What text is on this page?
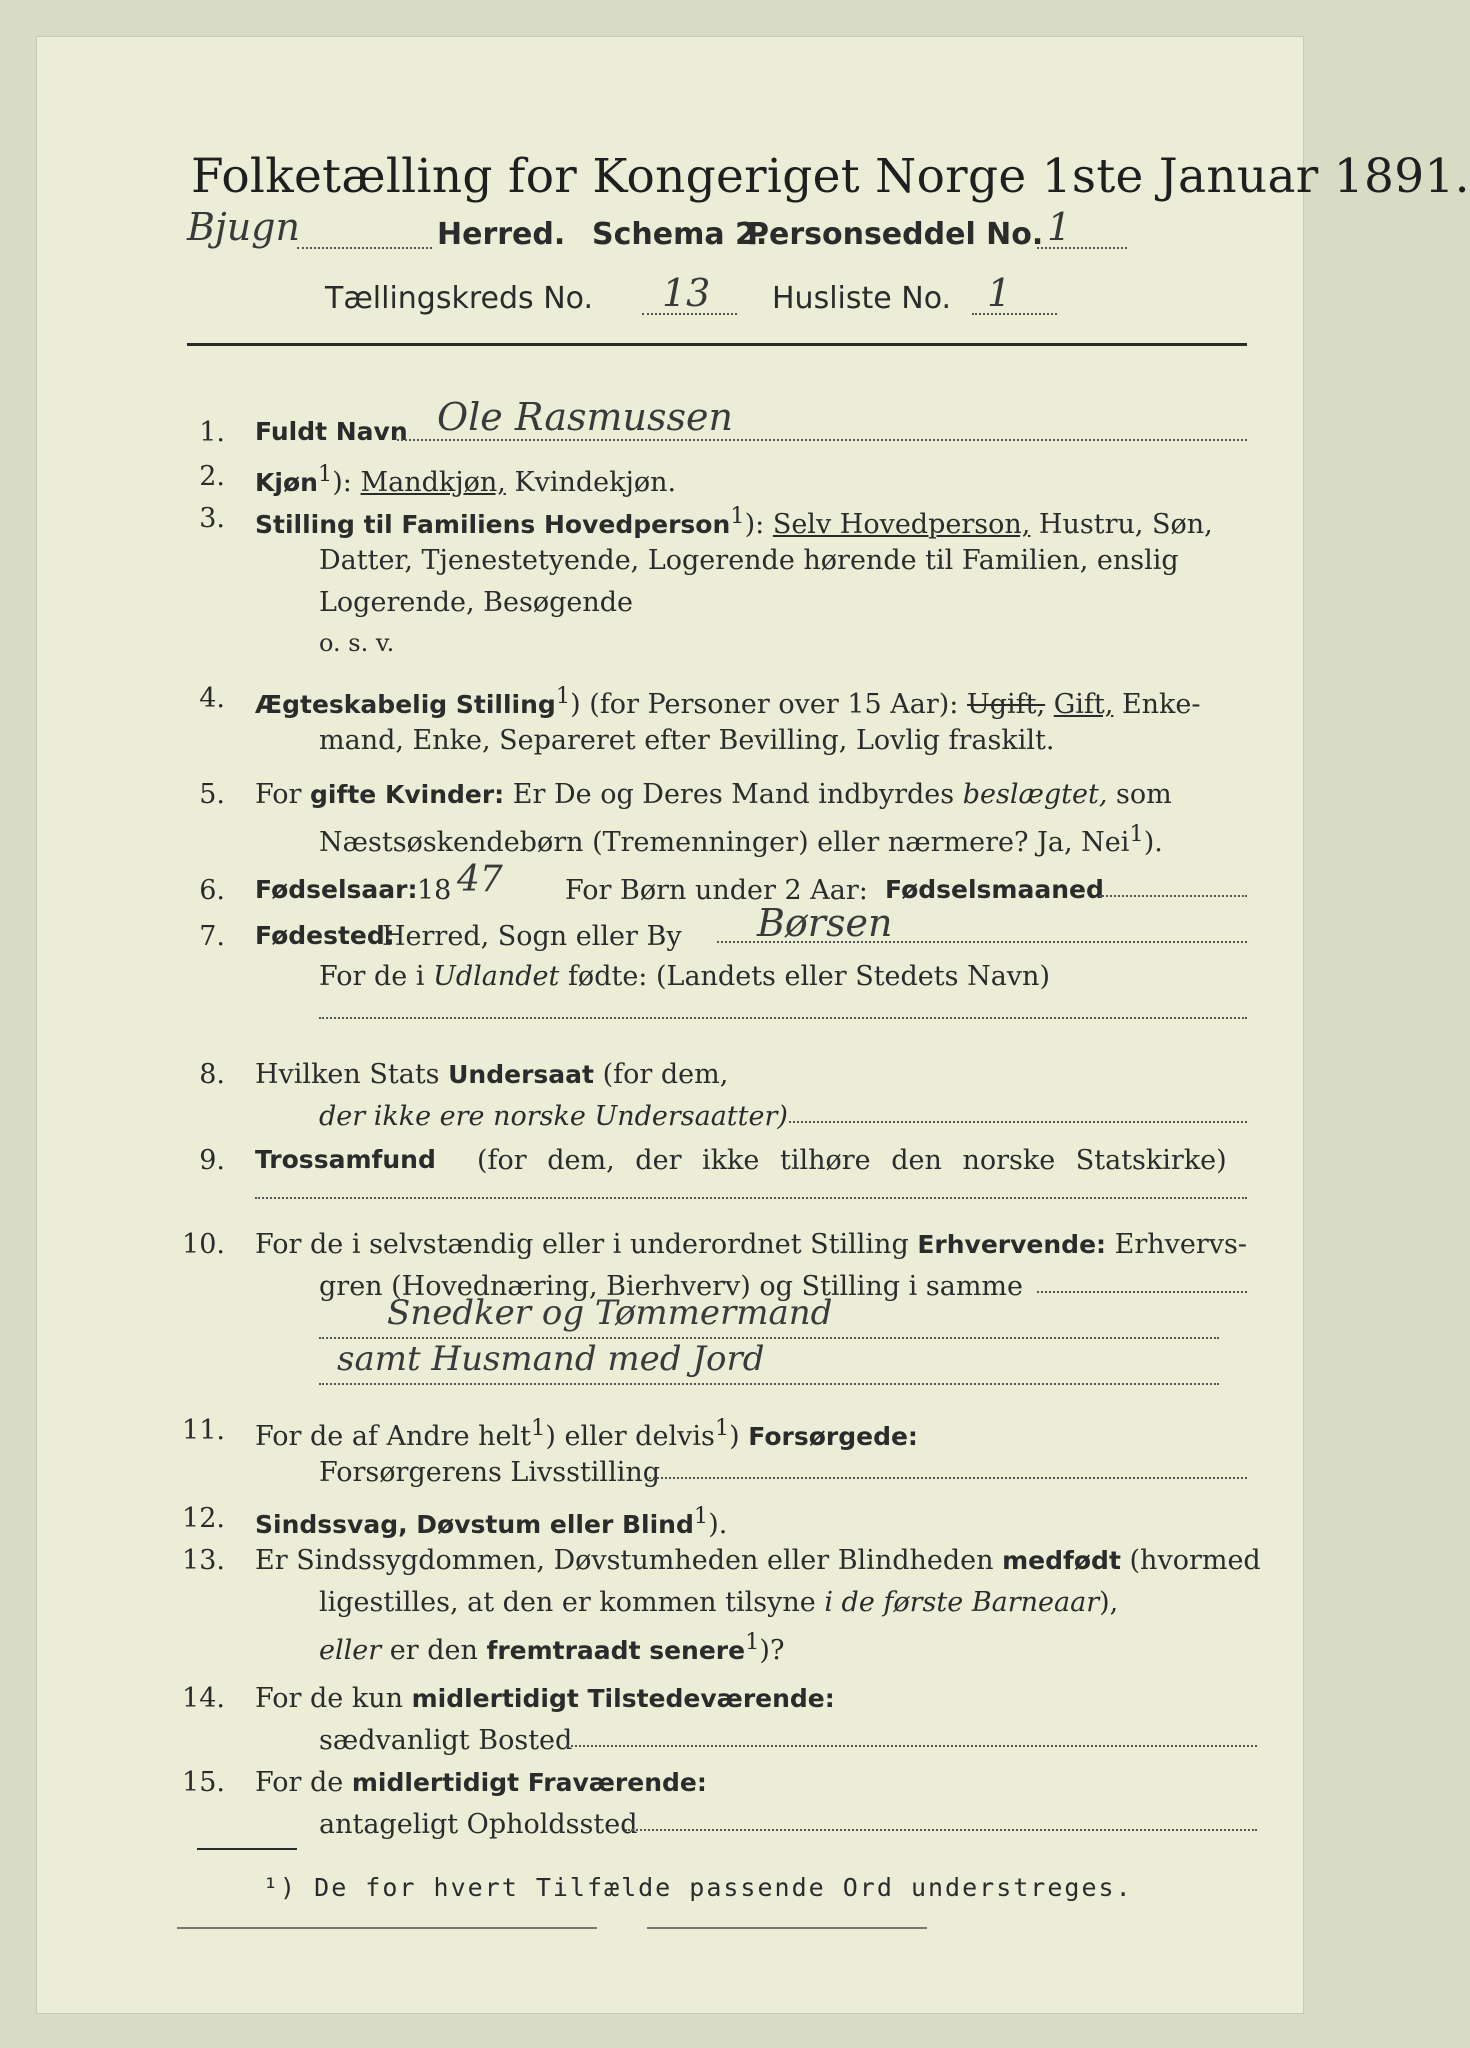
Folketælling for Kongeriget Norge 1ste Januar 1891.
Bjugn	Herred. Schema 2.
Personseddel No. 1
Tællingskreds No. 13 Husliste No. 1
1. Fuldt Navn Ole Rasmussen
2. Kjøn$^1$): Mandkjøn, Kvindekjøn.
3. Stilling til Familiens Hovedperson$^1$): Selv Hovedperson, Hustru, Søn,
Datter, Tjenestetyende, Logerende hørende til Familien, enslig
Logerende, Besøgende
o. s. v.
4. Ægteskabelig Stilling$^1$) (for Personer over 15 Aar): Ugift, Gift, Enke-
mand, Enke, Separeret efter Bevilling, Lovlig fraskilt.
5. For gifte Kvinder: Er De og Deres Mand indbyrdes beslægtet, som
Næstsøskendebørn (Tremenninger) eller nærmere? Ja, Nei$^1$).
6. Fødselsaar: 18 47 For Børn under 2 Aar: Fødselsmaaned
7. Fødested:
Herred, Sogn eller By Børsen
For de i Udlandet fødte: (Landets eller Stedets Navn)
8. Hvilken Stats Undersaat (for dem,
der ikke ere norske Undersaatter)
9. Trossamfund (for dem, der ikke tilhøre den norske Statskirke)
10. For de i selvstændig eller i underordnet Stilling Erhvervende: Erhvervs-
gren (Hovednæring, Bierhverv) og Stilling i samme
Snedker og Tømmermand
samt Husmand med Jord
11. For de af Andre helt$^1$) eller delvis$^1$) Forsørgede:
Forsørgerens Livsstilling
12. Sindssvag, Døvstum eller Blind$^1$).
13. Er Sindssygdommen, Døvstumheden eller Blindheden medfødt (hvormed
ligestilles, at den er kommen tilsyne i de første Barneaar),
eller er den fremtraadt senere$^1$)?
14. For de kun midlertidigt Tilstedeværende:
sædvanligt Bosted
15. For de midlertidigt Fraværende:
antageligt Opholdssted
¹) De for hvert Tilfælde passende Ord understreges.
